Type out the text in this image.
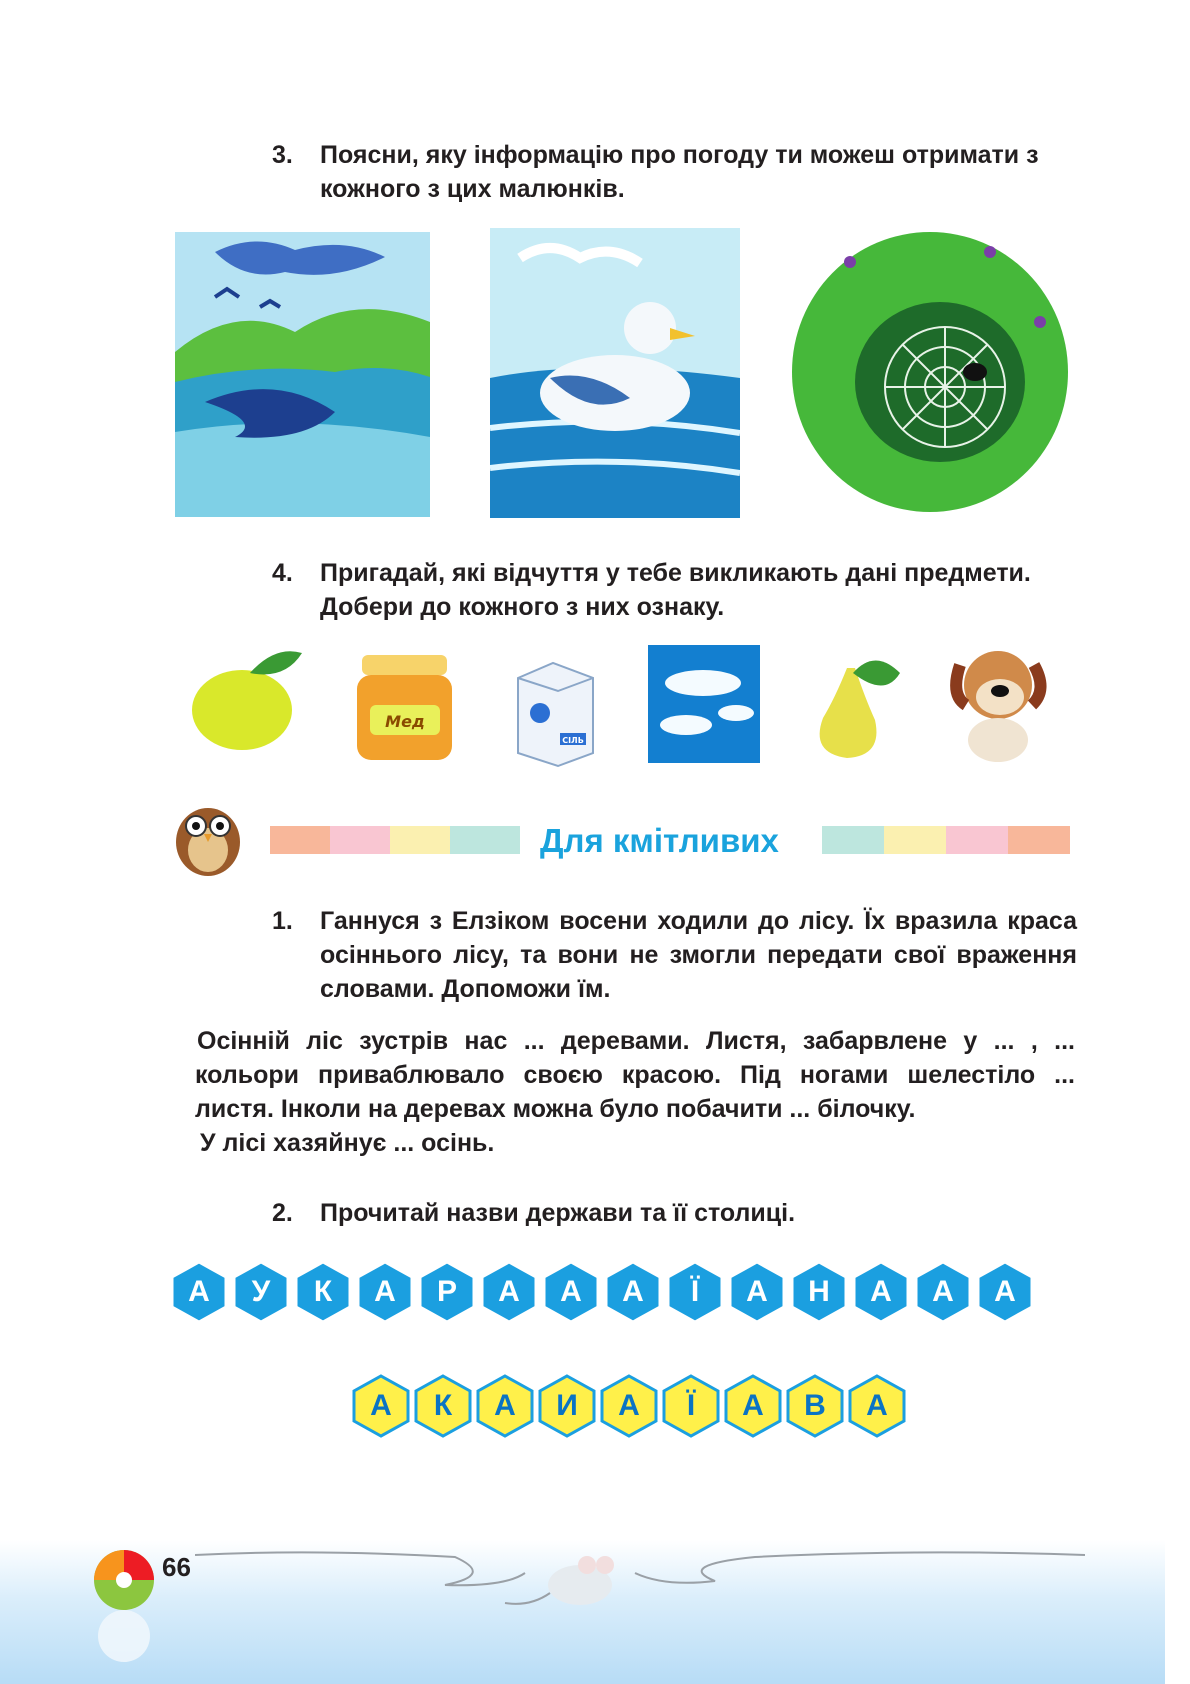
3. Поясни, яку інформацію про погоду ти можеш отримати з кожного з цих малюнків.
4. Пригадай, які відчуття у тебе викликають дані предмети. Добери до кожного з них ознаку.
Мед
СІЛЬ
Для кмітливих
1. Ганнуся з Елзіком восени ходили до лісу. Їх вразила краса осіннього лісу, та вони не змогли передати свої враження словами. Допоможи їм.
Осінній ліс зустрів нас ... деревами. Листя, забарвлене у ... , ... кольори приваблювало своєю красою. Під ногами шелестіло ... листя. Інколи на деревах можна було побачити ... білочку.
У лісі хазяйнує ... осінь.
2. Прочитай назви держави та її столиці.
А	У	К	А	Р	А	А	А	Ї	А	Н	А	А	А
А	К	А	И	А	Ї	А	В	А
66
